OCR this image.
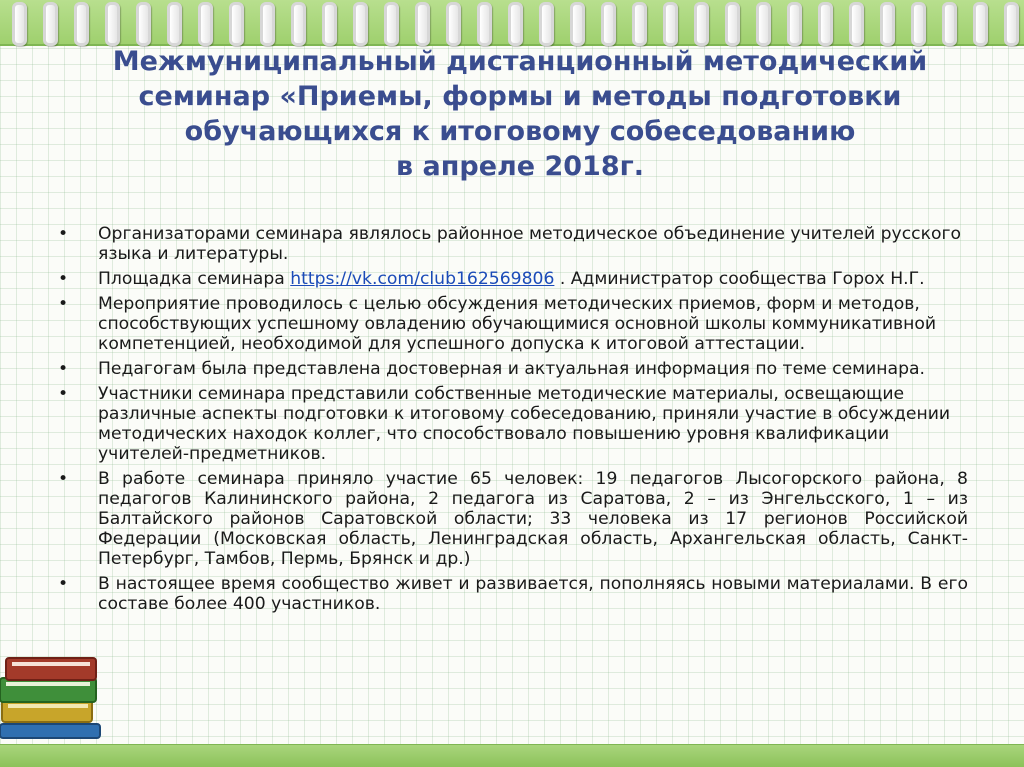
Межмуниципальный дистанционный методический
семинар «Приемы, формы и методы подготовки
обучающихся к итоговому собеседованию
в апреле 2018г.
•	Организаторами семинара являлось районное методическое объединение учителей русского языка и литературы.
•	Площадка семинара https://vk.com/club162569806 . Администратор сообщества Горох Н.Г.
•	Мероприятие проводилось с целью обсуждения методических приемов, форм и методов, способствующих успешному овладению обучающимися основной школы коммуникативной компетенцией, необходимой для успешного допуска к итоговой аттестации.
•	Педагогам была представлена достоверная и актуальная информация по теме семинара.
•	Участники семинара представили собственные методические материалы, освещающие различные аспекты подготовки к итоговому собеседованию, приняли участие в обсуждении методических находок коллег, что способствовало повышению уровня квалификации учителей-предметников.
•	В работе семинара приняло участие 65 человек: 19 педагогов Лысогорского района, 8 педагогов Калининского района, 2 педагога из Саратова, 2 – из Энгельсского, 1 – из Балтайского районов Саратовской области; 33 человека из 17 регионов Российской Федерации (Московская область, Ленинградская область, Архангельская область, Санкт-Петербург, Тамбов, Пермь, Брянск и др.)
•	В настоящее время сообщество живет и развивается, пополняясь новыми материалами. В его составе более 400 участников.
